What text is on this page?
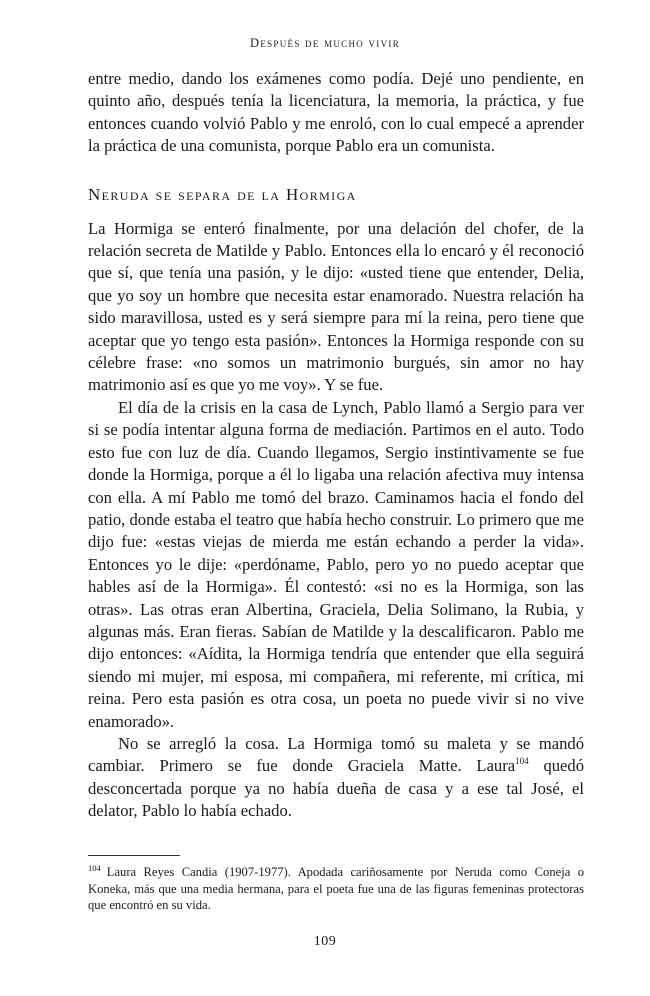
Después de mucho vivir

entre medio, dando los exámenes como podía. Dejé uno pendiente, en quinto año, después tenía la licenciatura, la memoria, la práctica, y fue entonces cuando volvió Pablo y me enroló, con lo cual empecé a aprender la práctica de una comunista, porque Pablo era un comunista.

Neruda se separa de la Hormiga

La Hormiga se enteró finalmente, por una delación del chofer, de la relación secreta de Matilde y Pablo. Entonces ella lo encaró y él reconoció que sí, que tenía una pasión, y le dijo: «usted tiene que entender, Delia, que yo soy un hombre que necesita estar enamorado. Nuestra relación ha sido maravillosa, usted es y será siempre para mí la reina, pero tiene que aceptar que yo tengo esta pasión». Entonces la Hormiga responde con su célebre frase: «no somos un matrimonio burgués, sin amor no hay matrimonio así es que yo me voy». Y se fue.

El día de la crisis en la casa de Lynch, Pablo llamó a Sergio para ver si se podía intentar alguna forma de mediación. Partimos en el auto. Todo esto fue con luz de día. Cuando llegamos, Sergio instintivamente se fue donde la Hormiga, porque a él lo ligaba una relación afectiva muy intensa con ella. A mí Pablo me tomó del brazo. Caminamos hacia el fondo del patio, donde estaba el teatro que había hecho construir. Lo primero que me dijo fue: «estas viejas de mierda me están echando a perder la vida». Entonces yo le dije: «perdóname, Pablo, pero yo no puedo aceptar que hables así de la Hormiga». Él contestó: «si no es la Hormiga, son las otras». Las otras eran Albertina, Graciela, Delia Solimano, la Rubia, y algunas más. Eran fieras. Sabían de Matilde y la descalificaron. Pablo me dijo entonces: «Aídita, la Hormiga tendría que entender que ella seguirá siendo mi mujer, mi esposa, mi compañera, mi referente, mi crítica, mi reina. Pero esta pasión es otra cosa, un poeta no puede vivir si no vive enamorado».

No se arregló la cosa. La Hormiga tomó su maleta y se mandó cambiar. Primero se fue donde Graciela Matte. Laura$^{104}$ quedó desconcertada porque ya no había dueña de casa y a ese tal José, el delator, Pablo lo había echado.

$^{104}$ Laura Reyes Candia (1907-1977). Apodada cariñosamente por Neruda como Coneja o Koneka, más que una media hermana, para el poeta fue una de las figuras femeninas protectoras que encontró en su vida.
109
